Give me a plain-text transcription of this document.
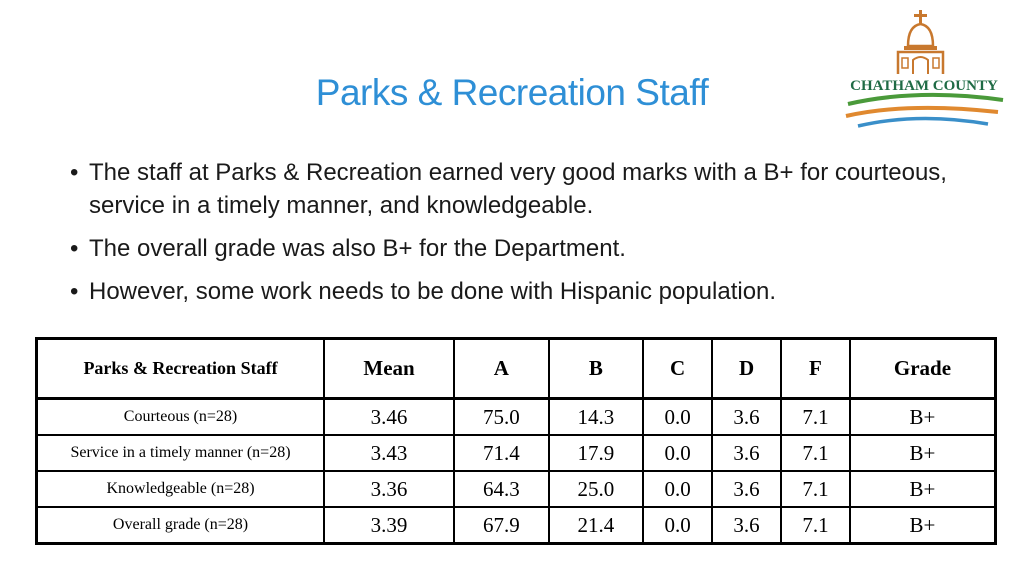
Parks & Recreation Staff	CHATHAM COUNTY
• The staff at Parks & Recreation earned very good marks with a B+ for courteous, service in a timely manner, and knowledgeable.
• The overall grade was also B+ for the Department.
• However, some work needs to be done with Hispanic population.
Parks & Recreation Staff	Mean	A	B	C	D	F	Grade
Courteous (n=28)	3.46	75.0	14.3	0.0	3.6	7.1	B+
Service in a timely manner (n=28)	3.43	71.4	17.9	0.0	3.6	7.1	B+
Knowledgeable (n=28)	3.36	64.3	25.0	0.0	3.6	7.1	B+
Overall grade (n=28)	3.39	67.9	21.4	0.0	3.6	7.1	B+
